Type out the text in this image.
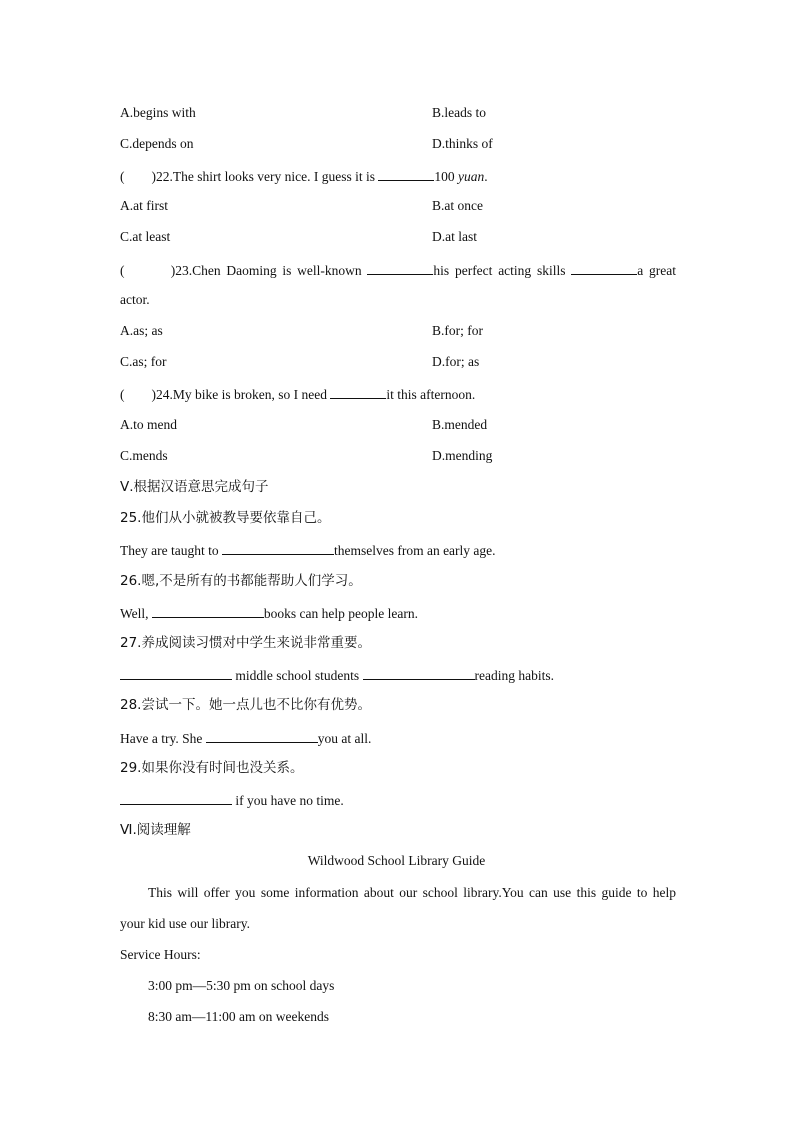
A.begins with	B.leads to
C.depends on	D.thinks of
(        )22.The shirt looks very nice. I guess it is	100 yuan.
A.at first	B.at once
C.at least	D.at last
(        )23.Chen Daoming is well-known	his perfect acting skills	a great
actor.
A.as; as	B.for; for
C.as; for	D.for; as
(        )24.My bike is broken, so I need	it this afternoon.
A.to mend	B.mended
C.mends	D.mending
Ⅴ.根据汉语意思完成句子
25.他们从小就被教导要依靠自己。
They are taught to	themselves from an early age.
26.嗯,不是所有的书都能帮助人们学习。
Well,	books can help people learn.
27.养成阅读习惯对中学生来说非常重要。
middle school students	reading habits.
28.尝试一下。她一点儿也不比你有优势。
Have a try. She	you at all.
29.如果你没有时间也没关系。
if you have no time.
Ⅵ.阅读理解
Wildwood School Library Guide
This will offer you some information about our school library.You can use this guide to help
your kid use our library.
Service Hours:
3:00 pm—5:30 pm on school days
8:30 am—11:00 am on weekends
